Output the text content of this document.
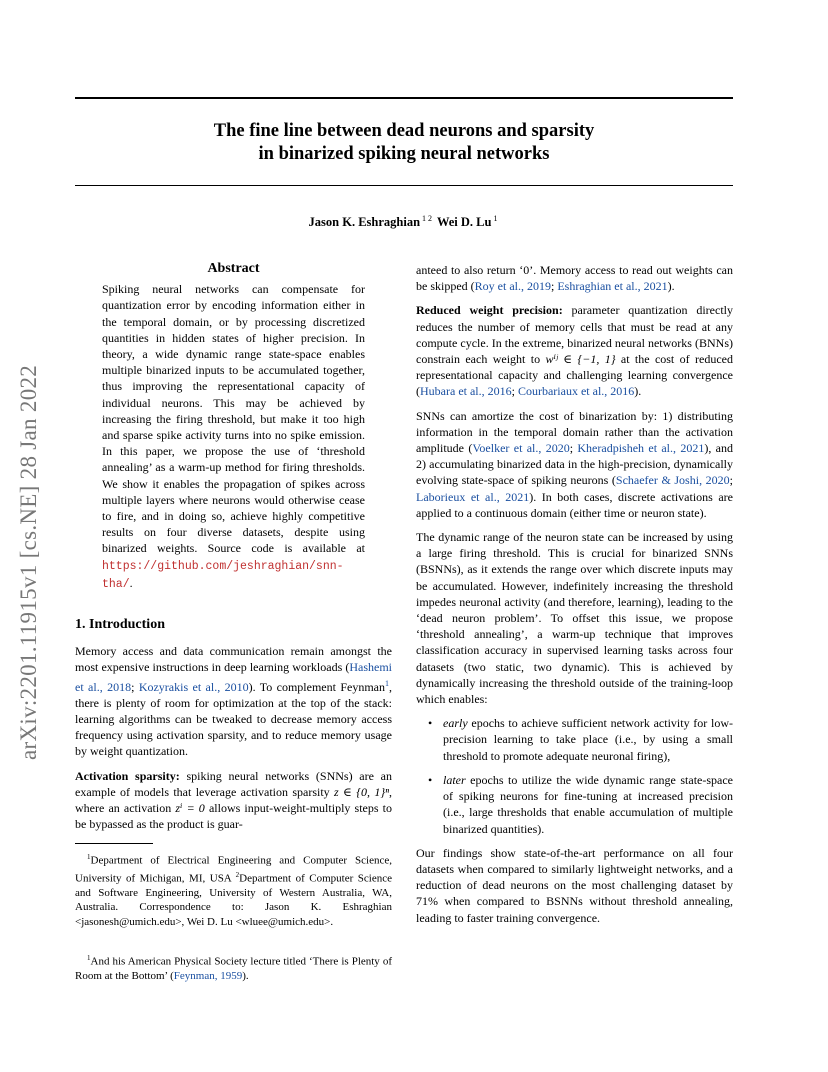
The fine line between dead neurons and sparsity
in binarized spiking neural networks
Jason K. Eshraghian $^{1 2}$ Wei D. Lu $^1$
arXiv:2201.11915v1 [cs.NE] 28 Jan 2022

Abstract

Spiking neural networks can compensate for quantization error by encoding information either in the temporal domain, or by processing discretized quantities in hidden states of higher precision. In theory, a wide dynamic range state-space enables multiple binarized inputs to be accumulated together, thus improving the representational capacity of individual neurons. This may be achieved by increasing the firing threshold, but make it too high and sparse spike activity turns into no spike emission. In this paper, we propose the use of ‘threshold annealing’ as a warm-up method for firing thresholds. We show it enables the propagation of spikes across multiple layers where neurons would otherwise cease to fire, and in doing so, achieve highly competitive results on four diverse datasets, despite using binarized weights. Source code is available at https://github.com/jeshraghian/snn-tha/.

1. Introduction

Memory access and data communication remain amongst the most expensive instructions in deep learning workloads (Hashemi et al., 2018; Kozyrakis et al., 2010). To complement Feynman$^1$, there is plenty of room for optimization at the top of the stack: learning algorithms can be tweaked to decrease memory access frequency using activation sparsity, and to reduce memory usage by weight quantization.

Activation sparsity: spiking neural networks (SNNs) are an example of models that leverage activation sparsity z ∈ {0, 1}ⁿ, where an activation zⁱ = 0 allows input-weight-multiply steps to be bypassed as the product is guar-

$^1$Department of Electrical Engineering and Computer Science, University of Michigan, MI, USA $^2$Department of Computer Science and Software Engineering, University of Western Australia, WA, Australia. Correspondence to: Jason K. Eshraghian <jasonesh@umich.edu>, Wei D. Lu <wluee@umich.edu>.

$^1$And his American Physical Society lecture titled ‘There is Plenty of Room at the Bottom’ (Feynman, 1959).

anteed to also return ‘0’. Memory access to read out weights can be skipped (Roy et al., 2019; Eshraghian et al., 2021).

Reduced weight precision: parameter quantization directly reduces the number of memory cells that must be read at any compute cycle. In the extreme, binarized neural networks (BNNs) constrain each weight to wⁱʲ ∈ {−1, 1} at the cost of reduced representational capacity and challenging learning convergence (Hubara et al., 2016; Courbariaux et al., 2016).

SNNs can amortize the cost of binarization by: 1) distributing information in the temporal domain rather than the activation amplitude (Voelker et al., 2020; Kheradpisheh et al., 2021), and 2) accumulating binarized data in the high-precision, dynamically evolving state-space of spiking neurons (Schaefer & Joshi, 2020; Laborieux et al., 2021). In both cases, discrete activations are applied to a continuous domain (either time or neuron state).

The dynamic range of the neuron state can be increased by using a large firing threshold. This is crucial for binarized SNNs (BSNNs), as it extends the range over which discrete inputs may be accumulated. However, indefinitely increasing the threshold impedes neuronal activity (and therefore, learning), leading to the ‘dead neuron problem’. To offset this issue, we propose ‘threshold annealing’, a warm-up technique that improves classification accuracy in supervised learning tasks across four datasets (two static, two dynamic). This is achieved by dynamically increasing the threshold outside of the training-loop which enables:

• early epochs to achieve sufficient network activity for low-precision learning to take place (i.e., by using a small threshold to promote adequate neuronal firing),
• later epochs to utilize the wide dynamic range state-space of spiking neurons for fine-tuning at increased precision (i.e., large thresholds that enable accumulation of multiple binarized quantities).

Our findings show state-of-the-art performance on all four datasets when compared to similarly lightweight networks, and a reduction of dead neurons on the most challenging dataset by 71% when compared to BSNNs without threshold annealing, leading to faster training convergence.
